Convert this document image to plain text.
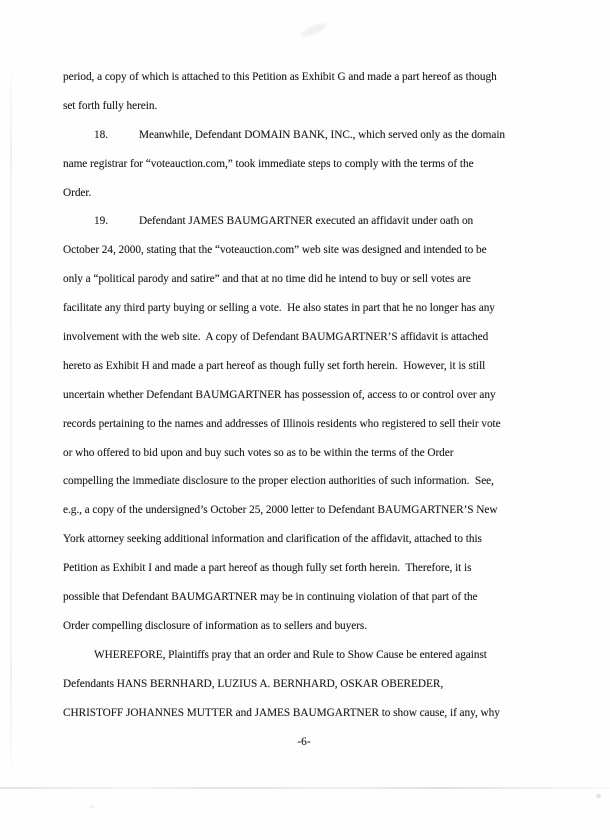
period, a copy of which is attached to this Petition as Exhibit G and made a part hereof as though
set forth fully herein.
18.	Meanwhile, Defendant DOMAIN BANK, INC., which served only as the domain
name registrar for “voteauction.com,” took immediate steps to comply with the terms of the
Order.
19.	Defendant JAMES BAUMGARTNER executed an affidavit under oath on
October 24, 2000, stating that the “voteauction.com” web site was designed and intended to be
only a “political parody and satire” and that at no time did he intend to buy or sell votes are
facilitate any third party buying or selling a vote.  He also states in part that he no longer has any
involvement with the web site.  A copy of Defendant BAUMGARTNER’S affidavit is attached
hereto as Exhibit H and made a part hereof as though fully set forth herein.  However, it is still
uncertain whether Defendant BAUMGARTNER has possession of, access to or control over any
records pertaining to the names and addresses of Illinois residents who registered to sell their vote
or who offered to bid upon and buy such votes so as to be within the terms of the Order
compelling the immediate disclosure to the proper election authorities of such information.  See,
e.g., a copy of the undersigned’s October 25, 2000 letter to Defendant BAUMGARTNER’S New
York attorney seeking additional information and clarification of the affidavit, attached to this
Petition as Exhibit I and made a part hereof as though fully set forth herein.  Therefore, it is
possible that Defendant BAUMGARTNER may be in continuing violation of that part of the
Order compelling disclosure of information as to sellers and buyers.
WHEREFORE, Plaintiffs pray that an order and Rule to Show Cause be entered against
Defendants HANS BERNHARD, LUZIUS A. BERNHARD, OSKAR OBEREDER,
CHRISTOFF JOHANNES MUTTER and JAMES BAUMGARTNER to show cause, if any, why
-6-
